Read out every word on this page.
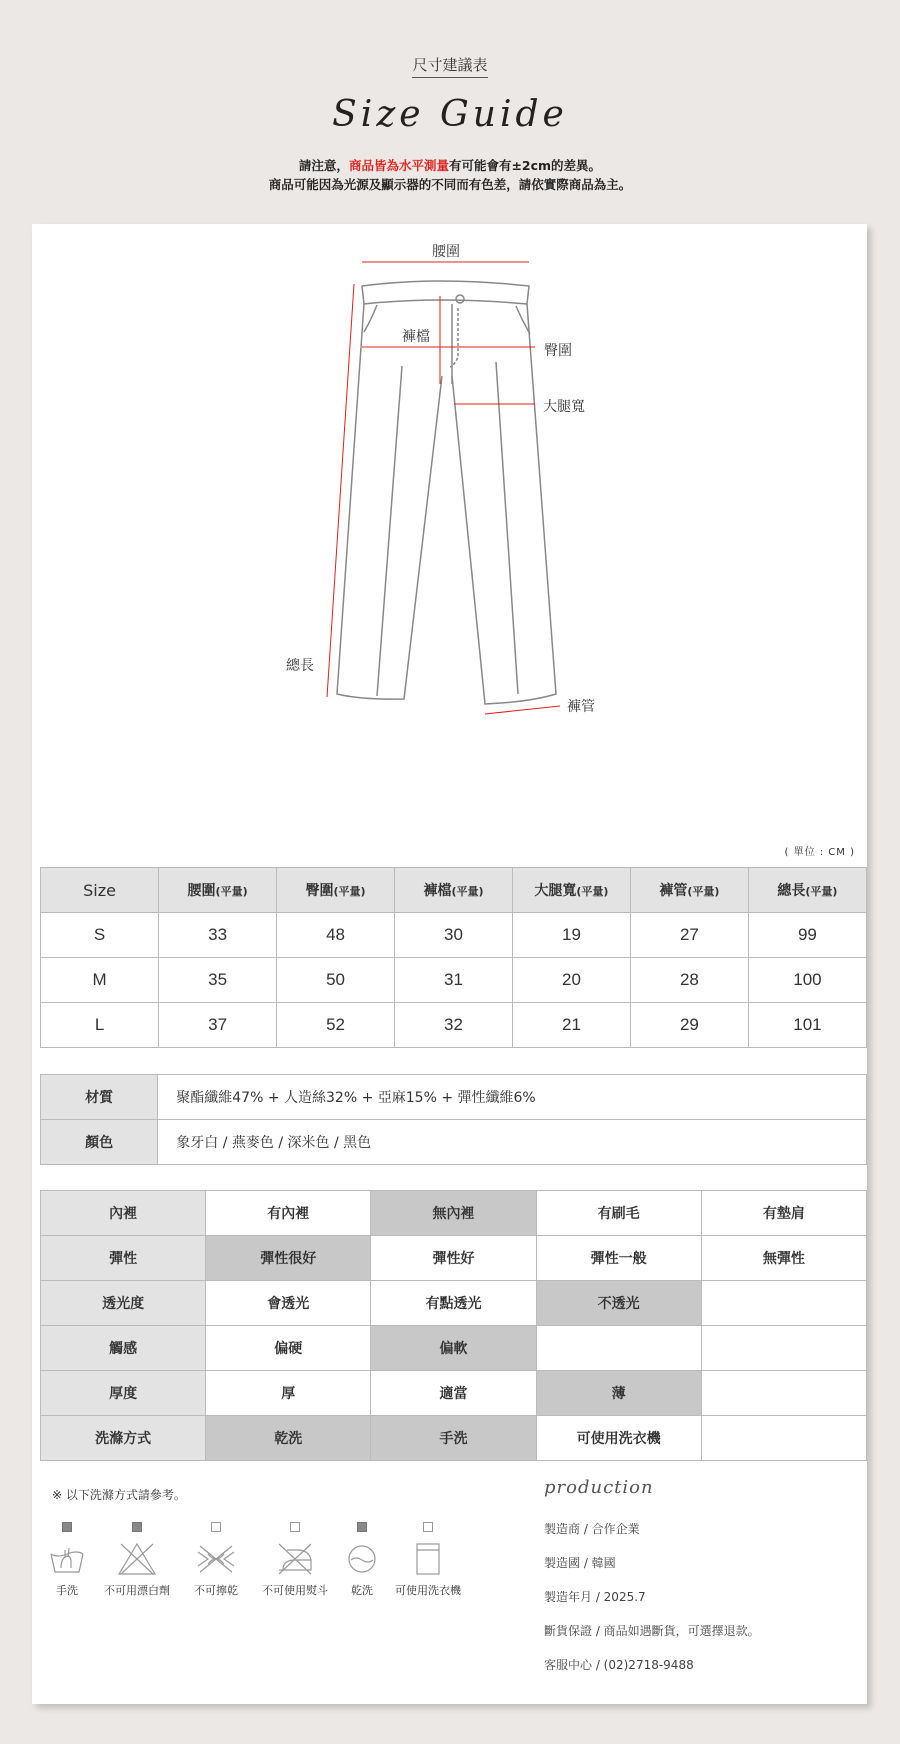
尺寸建議表
Size Guide
請注意，商品皆為水平測量有可能會有±2cm的差異。
商品可能因為光源及顯示器的不同而有色差，請依實際商品為主。
腰圍
褲檔
臀圍
大腿寬
總長
褲管
( 單位 : CM )
Size	腰圍(平量)	臀圍(平量)	褲檔(平量)	大腿寬(平量)	褲管(平量)	總長(平量)
S	33	48	30	19	27	99
M	35	50	31	20	28	100
L	37	52	32	21	29	101
材質	聚酯纖維47% + 人造絲32% + 亞麻15% + 彈性纖維6%
顏色	象牙白 / 燕麥色 / 深米色 / 黑色
內裡	有內裡	無內裡	有刷毛	有墊肩
彈性	彈性很好	彈性好	彈性一般	無彈性
透光度	會透光	有點透光	不透光	
觸感	偏硬	偏軟		
厚度	厚	適當	薄	
洗滌方式	乾洗	手洗	可使用洗衣機	
※ 以下洗滌方式請參考。
手洗	不可用漂白劑	不可擰乾	不可使用熨斗	乾洗	可使用洗衣機
production
製造商 / 合作企業
製造國 / 韓國
製造年月 / 2025.7
斷貨保證 / 商品如遇斷貨，可選擇退款。
客服中心 / (02)2718-9488
